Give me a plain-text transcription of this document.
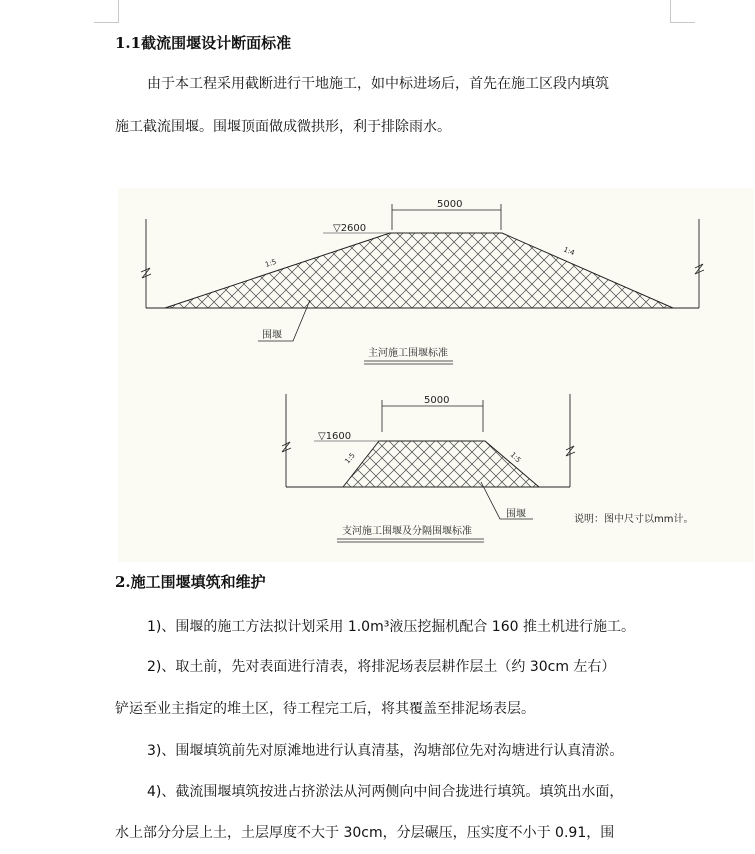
1.1截流围堰设计断面标准
由于本工程采用截断进行干地施工，如中标进场后，首先在施工区段内填筑
施工截流围堰。围堰顶面做成微拱形，利于排除雨水。
5000
▽2600
1:5
1:4
围堰
主河施工围堰标准
5000
▽1600
1:5	1:5
围堰
支河施工围堰及分隔围堰标准
说明：图中尺寸以mm计。
2.施工围堰填筑和维护
1)、围堰的施工方法拟计划采用 1.0m³液压挖掘机配合 160 推土机进行施工。
2)、取土前，先对表面进行清表，将排泥场表层耕作层土（约 30cm 左右）
铲运至业主指定的堆土区，待工程完工后，将其覆盖至排泥场表层。
3)、围堰填筑前先对原滩地进行认真清基，沟塘部位先对沟塘进行认真清淤。
4)、截流围堰填筑按进占挤淤法从河两侧向中间合拢进行填筑。填筑出水面，
水上部分分层上土，土层厚度不大于 30cm，分层碾压，压实度不小于 0.91，围
